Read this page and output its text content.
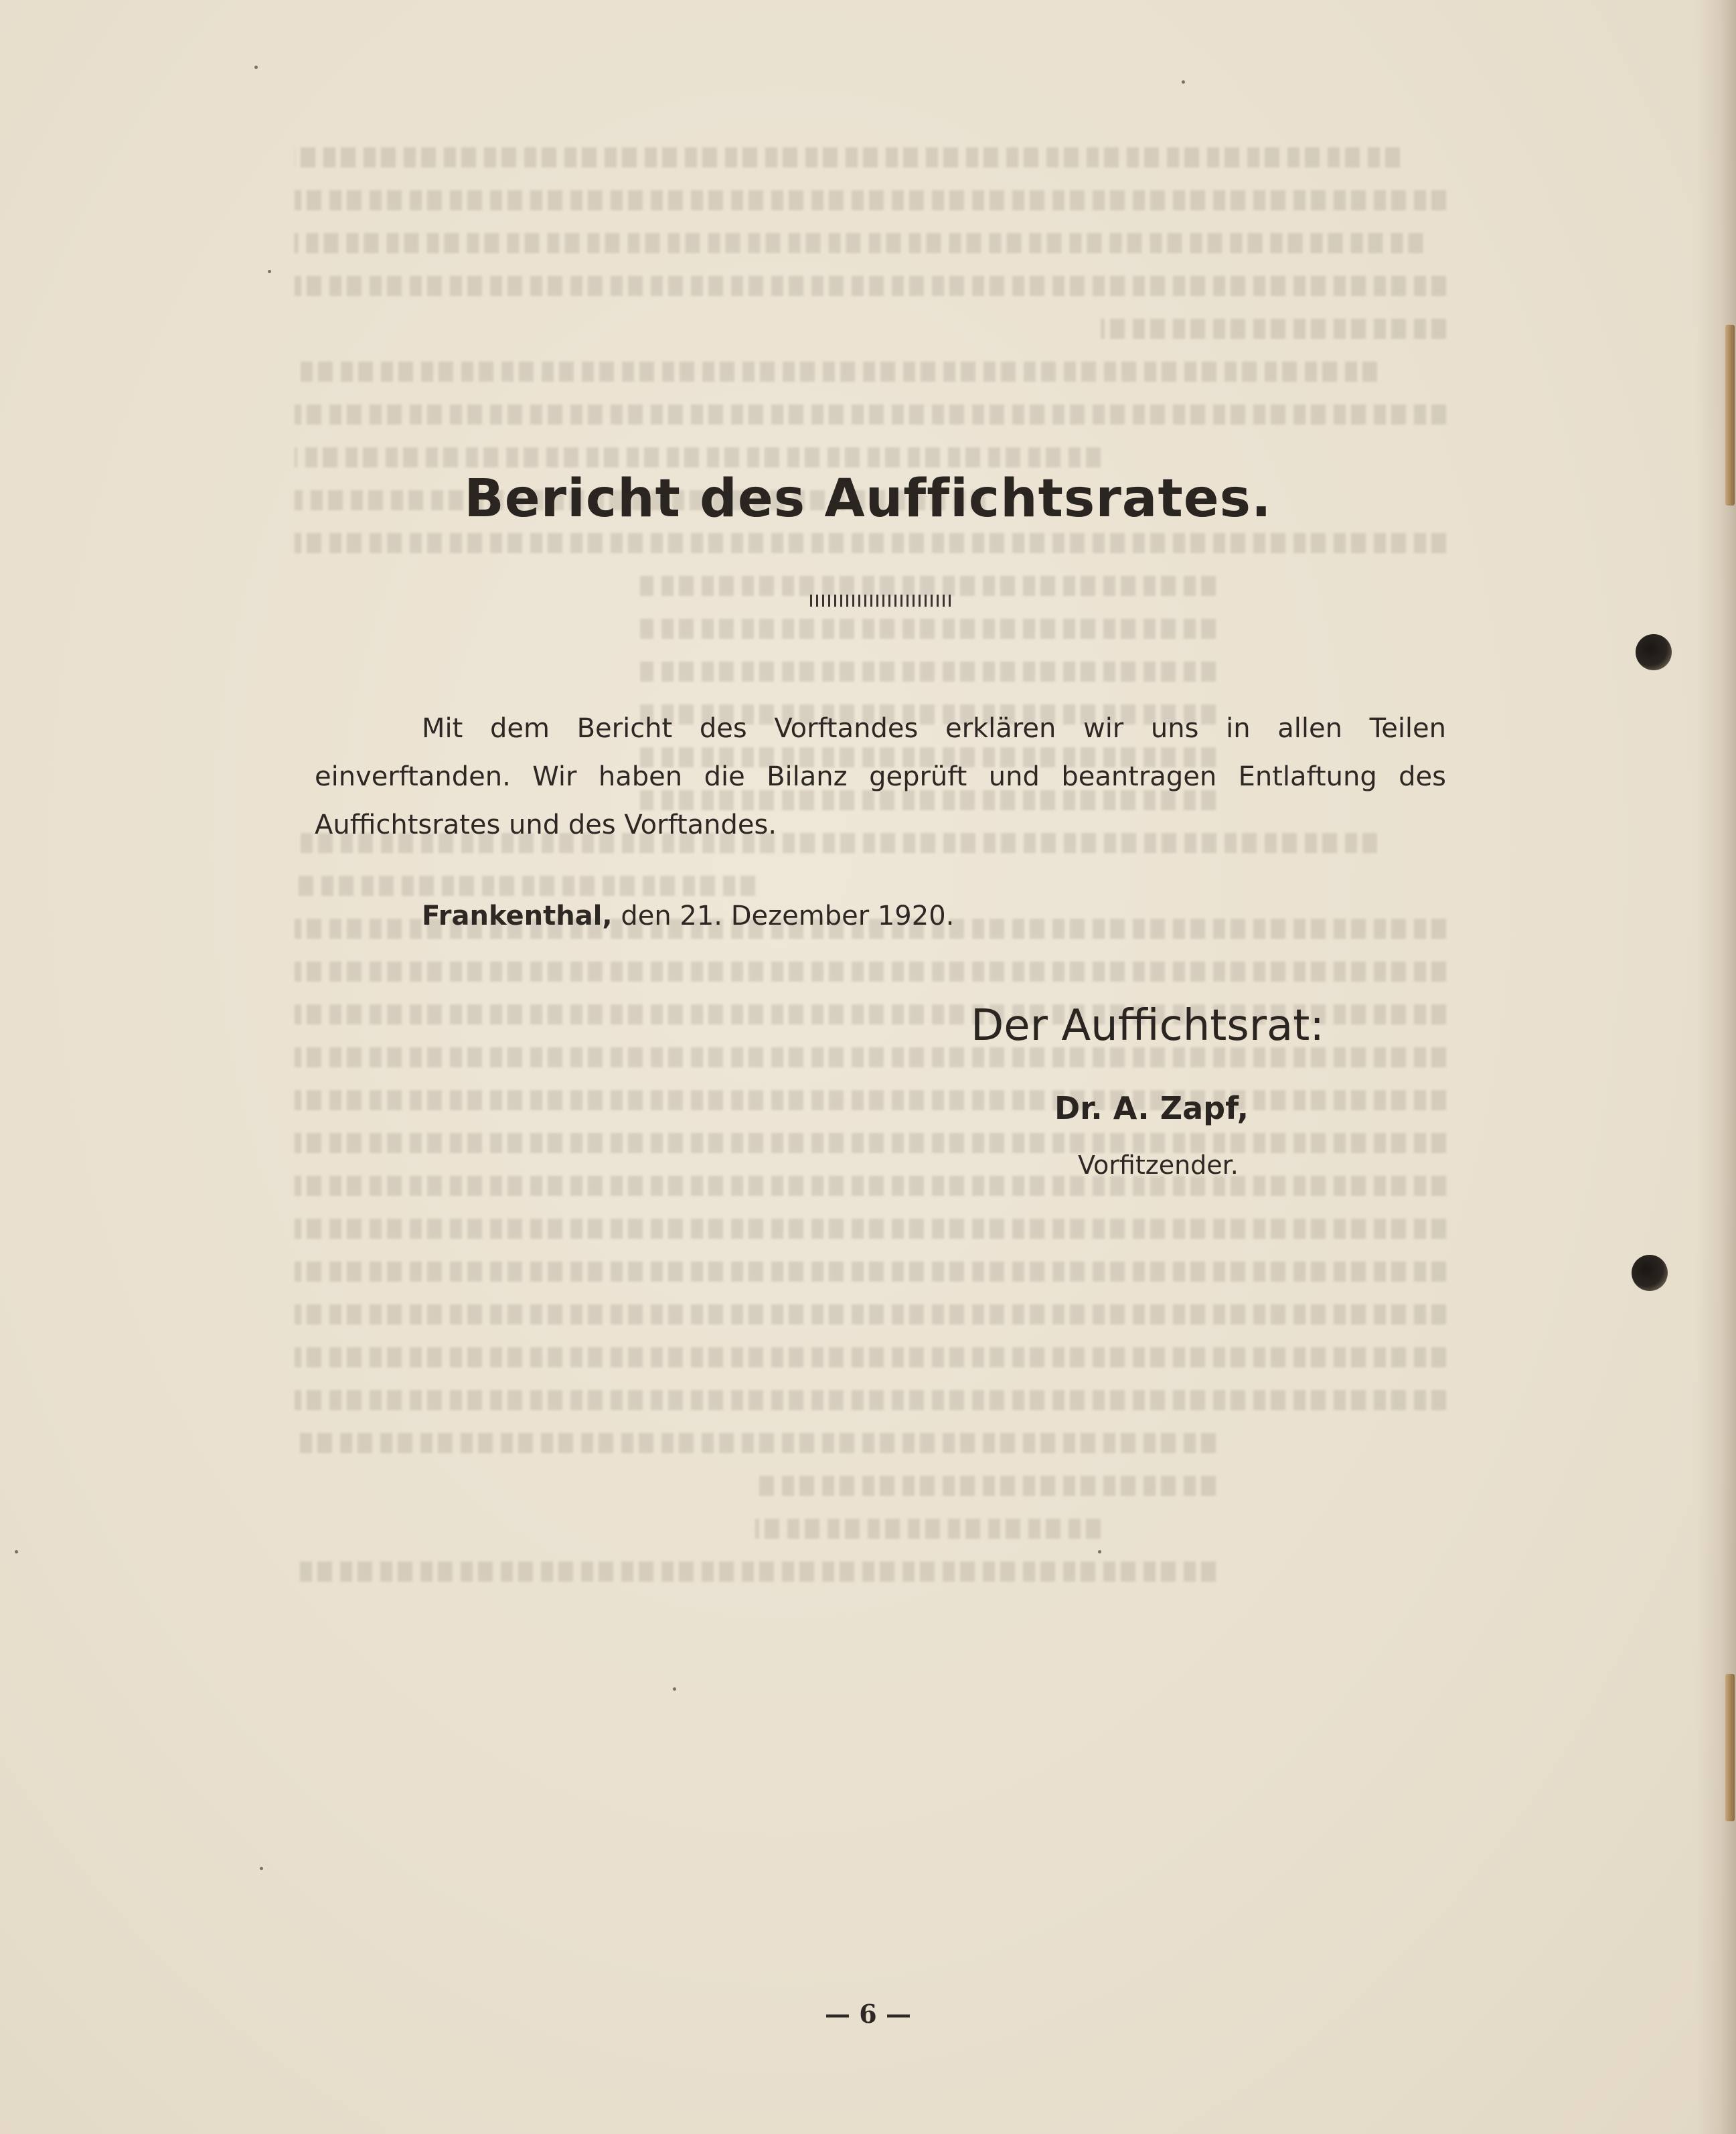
Bericht des Auffichtsrates.

Mit dem Bericht des Vorftandes erklären wir uns in allen Teilen einverftanden. Wir haben die Bilanz geprüft und beantragen Entlaftung des Auffichtsrates und des Vorftandes.

Frankenthal, den 21. Dezember 1920.

Der Auffichtsrat:

Dr. A. Zapf,

Vorfitzender.

— 6 —
